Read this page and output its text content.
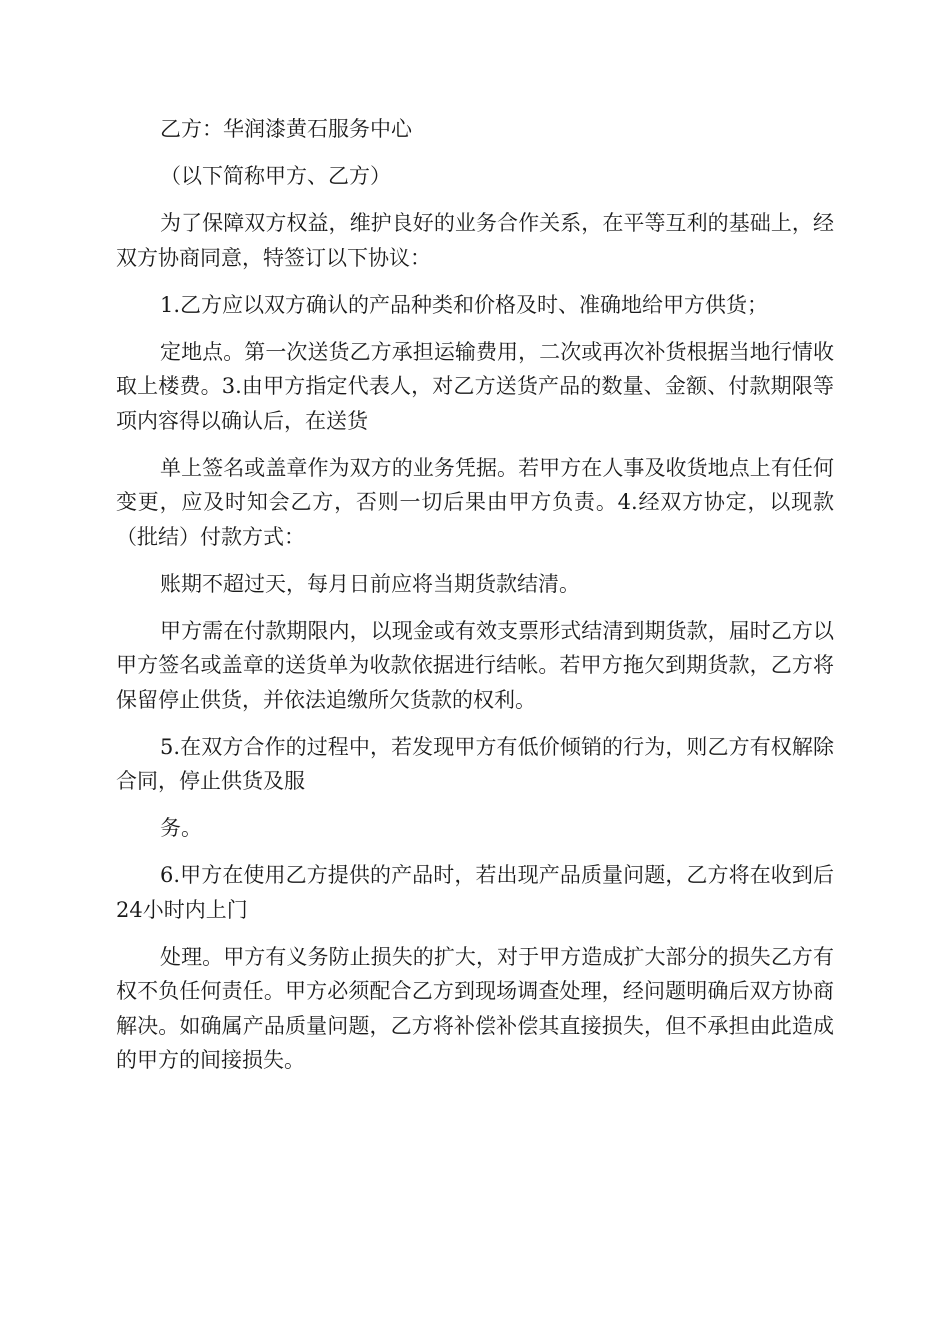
乙方：华润漆黄石服务中心

（以下简称甲方、乙方）

为了保障双方权益，维护良好的业务合作关系，在平等互利的基础上，经双方协商同意，特签订以下协议：

1.乙方应以双方确认的产品种类和价格及时、准确地给甲方供货；

定地点。第一次送货乙方承担运输费用，二次或再次补货根据当地行情收取上楼费。3.由甲方指定代表人，对乙方送货产品的数量、金额、付款期限等项内容得以确认后，在送货

单上签名或盖章作为双方的业务凭据。若甲方在人事及收货地点上有任何变更，应及时知会乙方，否则一切后果由甲方负责。4.经双方协定，以现款（批结）付款方式：

账期不超过天，每月日前应将当期货款结清。

甲方需在付款期限内，以现金或有效支票形式结清到期货款，届时乙方以甲方签名或盖章的送货单为收款依据进行结帐。若甲方拖欠到期货款，乙方将保留停止供货，并依法追缴所欠货款的权利。

5.在双方合作的过程中，若发现甲方有低价倾销的行为，则乙方有权解除合同，停止供货及服

务。

6.甲方在使用乙方提供的产品时，若出现产品质量问题，乙方将在收到后24小时内上门

处理。甲方有义务防止损失的扩大，对于甲方造成扩大部分的损失乙方有权不负任何责任。甲方必须配合乙方到现场调查处理，经问题明确后双方协商解决。如确属产品质量问题，乙方将补偿补偿其直接损失，但不承担由此造成的甲方的间接损失。
